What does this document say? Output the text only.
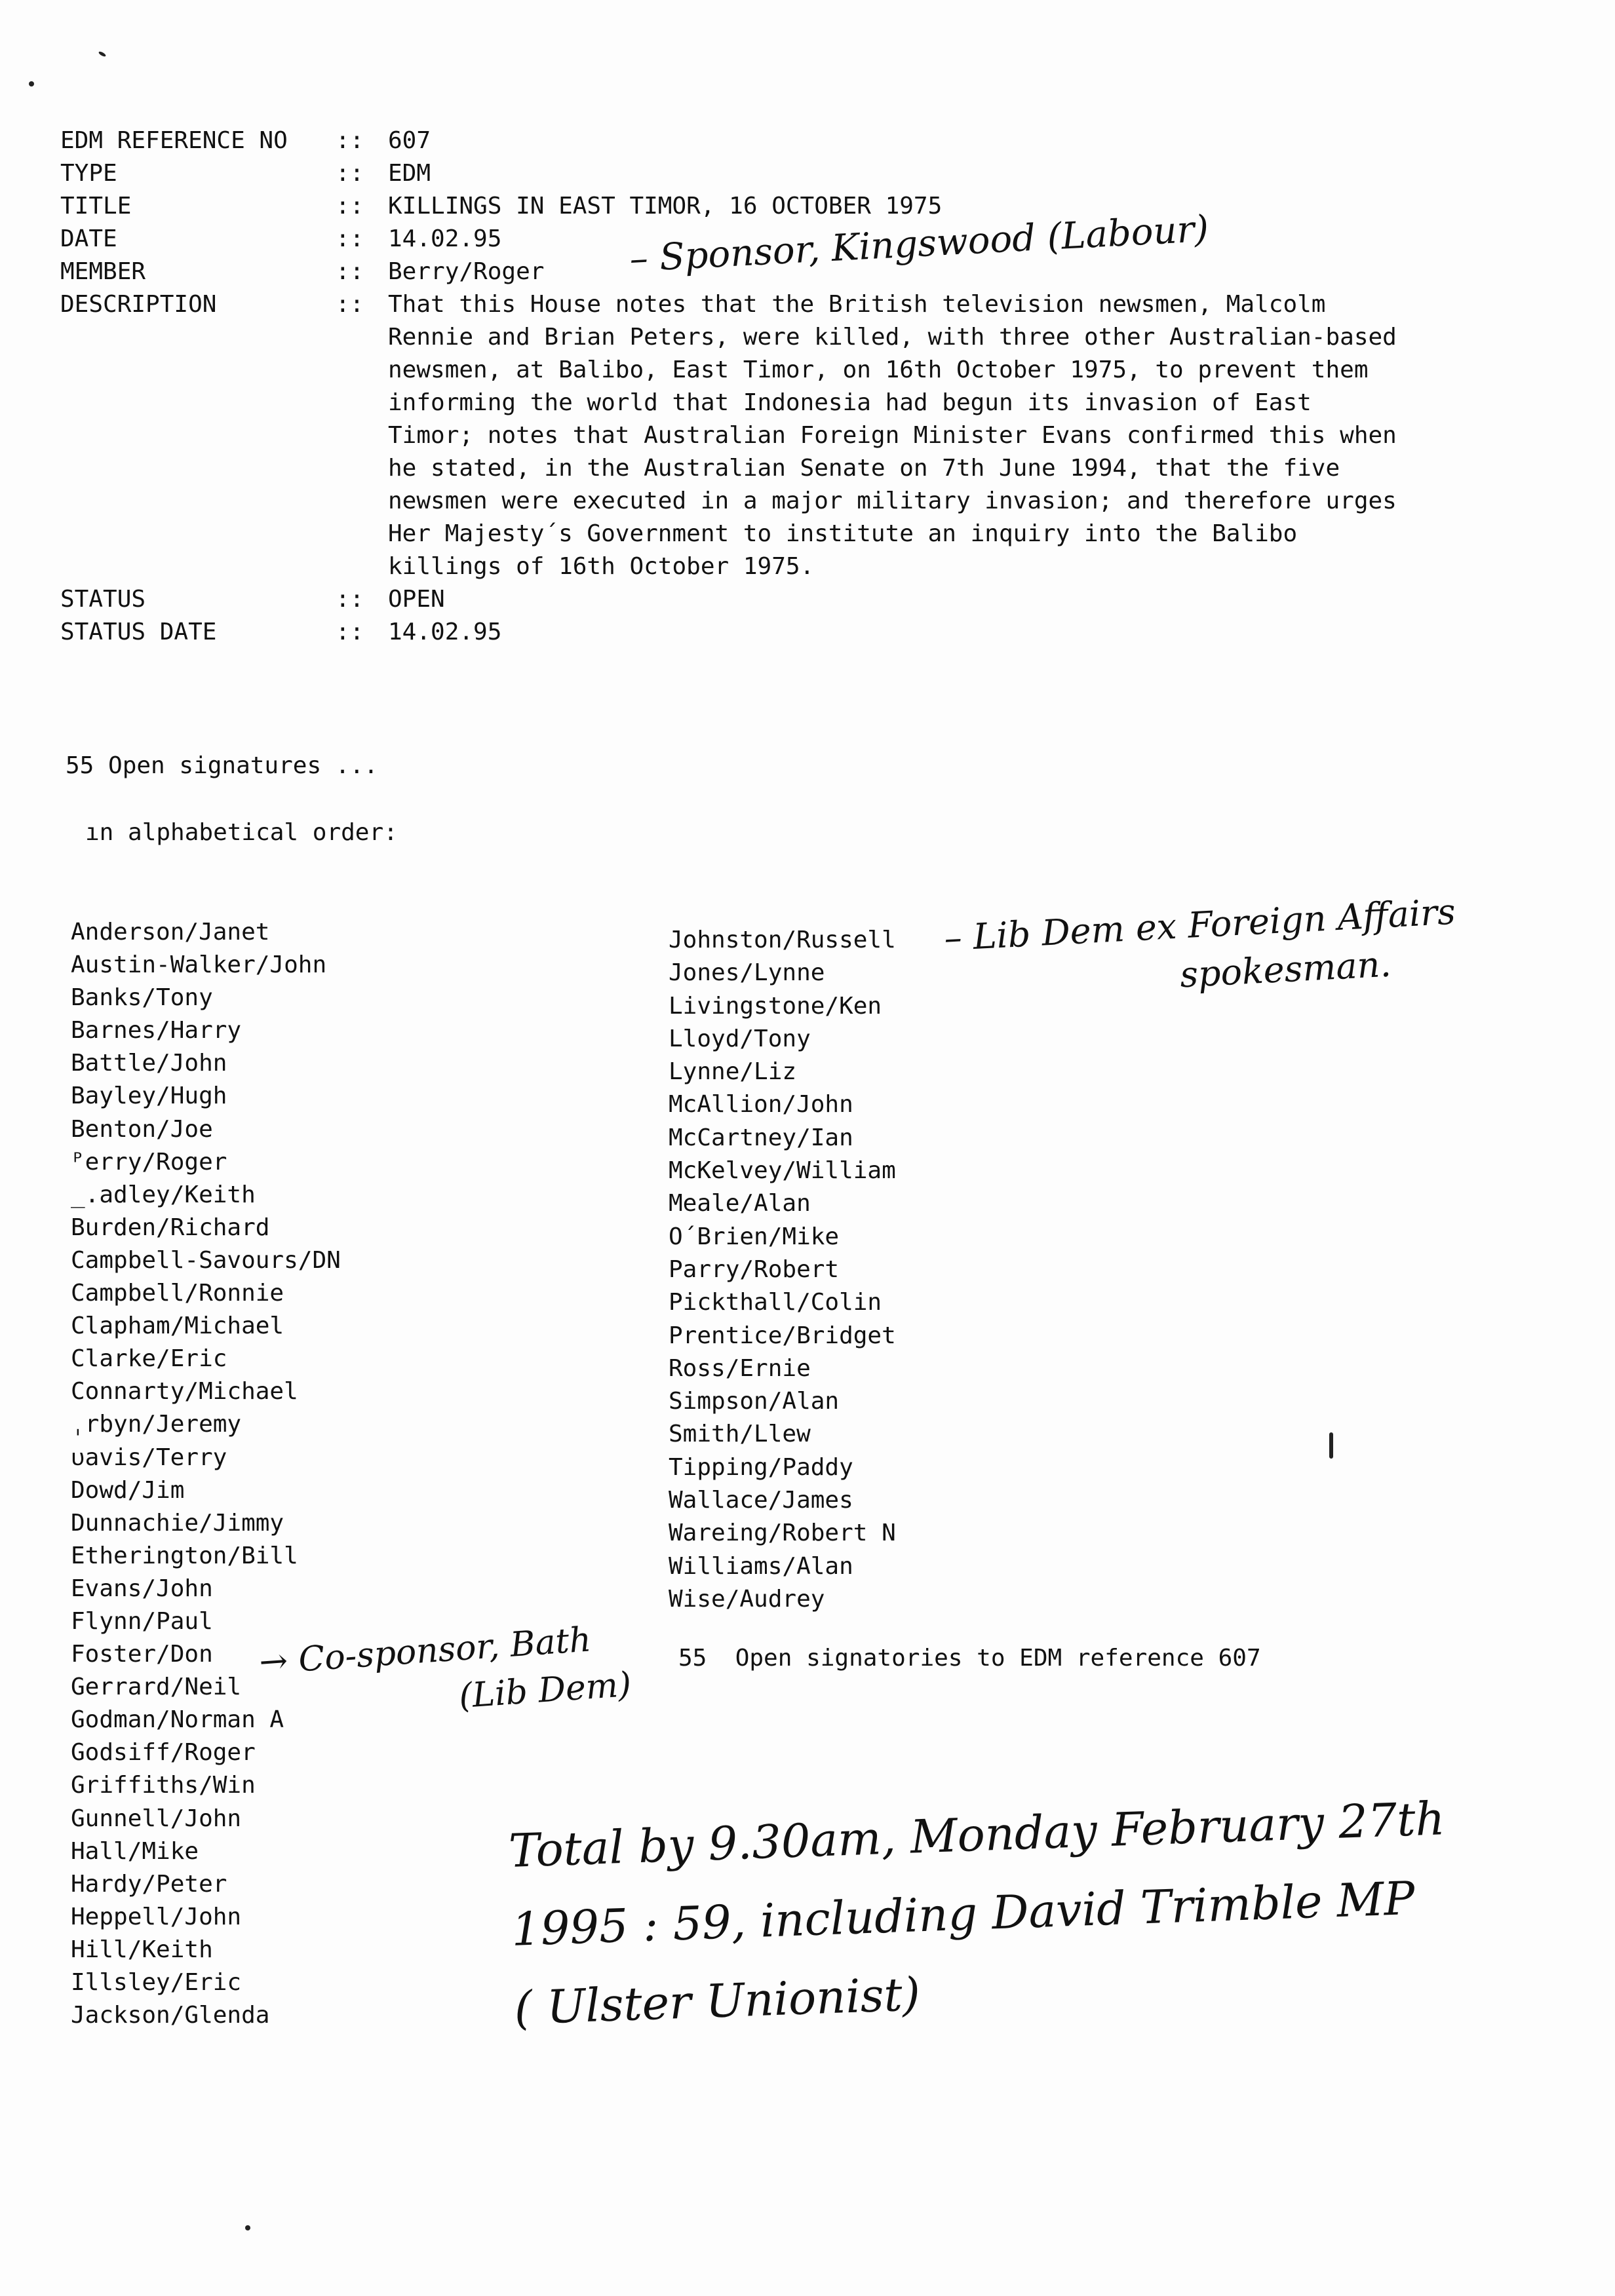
EDM REFERENCE NO	::	607
TYPE	::	EDM
TITLE	::	KILLINGS IN EAST TIMOR, 16 OCTOBER 1975
DATE	::	14.02.95
MEMBER	::	Berry/Roger
DESCRIPTION	::	That this House notes that the British television newsmen, Malcolm Rennie and Brian Peters, were killed, with three other Australian-based newsmen, at Balibo, East Timor, on 16th October 1975, to prevent them informing the world that Indonesia had begun its invasion of East Timor; notes that Australian Foreign Minister Evans confirmed this when he stated, in the Australian Senate on 7th June 1994, that the five newsmen were executed in a major military invasion; and therefore urges Her Majesty´s Government to institute an inquiry into the Balibo killings of 16th October 1975.
STATUS	::	OPEN
STATUS DATE	::	14.02.95
– Sponsor, Kingswood (Labour)
55 Open signatures ...
ın alphabetical order:
Anderson/Janet
Austin-Walker/John
Banks/Tony
Barnes/Harry
Battle/John
Bayley/Hugh
Benton/Joe
ᴾerry/Roger
_.adley/Keith
Burden/Richard
Campbell-Savours/DN
Campbell/Ronnie
Clapham/Michael
Clarke/Eric
Connarty/Michael
ˌrbyn/Jeremy
ᴜavis/Terry
Dowd/Jim
Dunnachie/Jimmy
Etherington/Bill
Evans/John
Flynn/Paul
Foster/Don
Gerrard/Neil
Godman/Norman A
Godsiff/Roger
Griffiths/Win
Gunnell/John
Hall/Mike
Hardy/Peter
Heppell/John
Hill/Keith
Illsley/Eric
Jackson/Glenda
Johnston/Russell
Jones/Lynne
Livingstone/Ken
Lloyd/Tony
Lynne/Liz
McAllion/John
McCartney/Ian
McKelvey/William
Meale/Alan
O´Brien/Mike
Parry/Robert
Pickthall/Colin
Prentice/Bridget
Ross/Ernie
Simpson/Alan
Smith/Llew
Tipping/Paddy
Wallace/James
Wareing/Robert N
Williams/Alan
Wise/Audrey
– Lib Dem ex Foreign Affairs
spokesman.
→ Co-sponsor, Bath
(Lib Dem)
55  Open signatories to EDM reference 607
Total by 9.30am, Monday February 27th
1995 : 59, including David Trimble MP
( Ulster Unionist)
